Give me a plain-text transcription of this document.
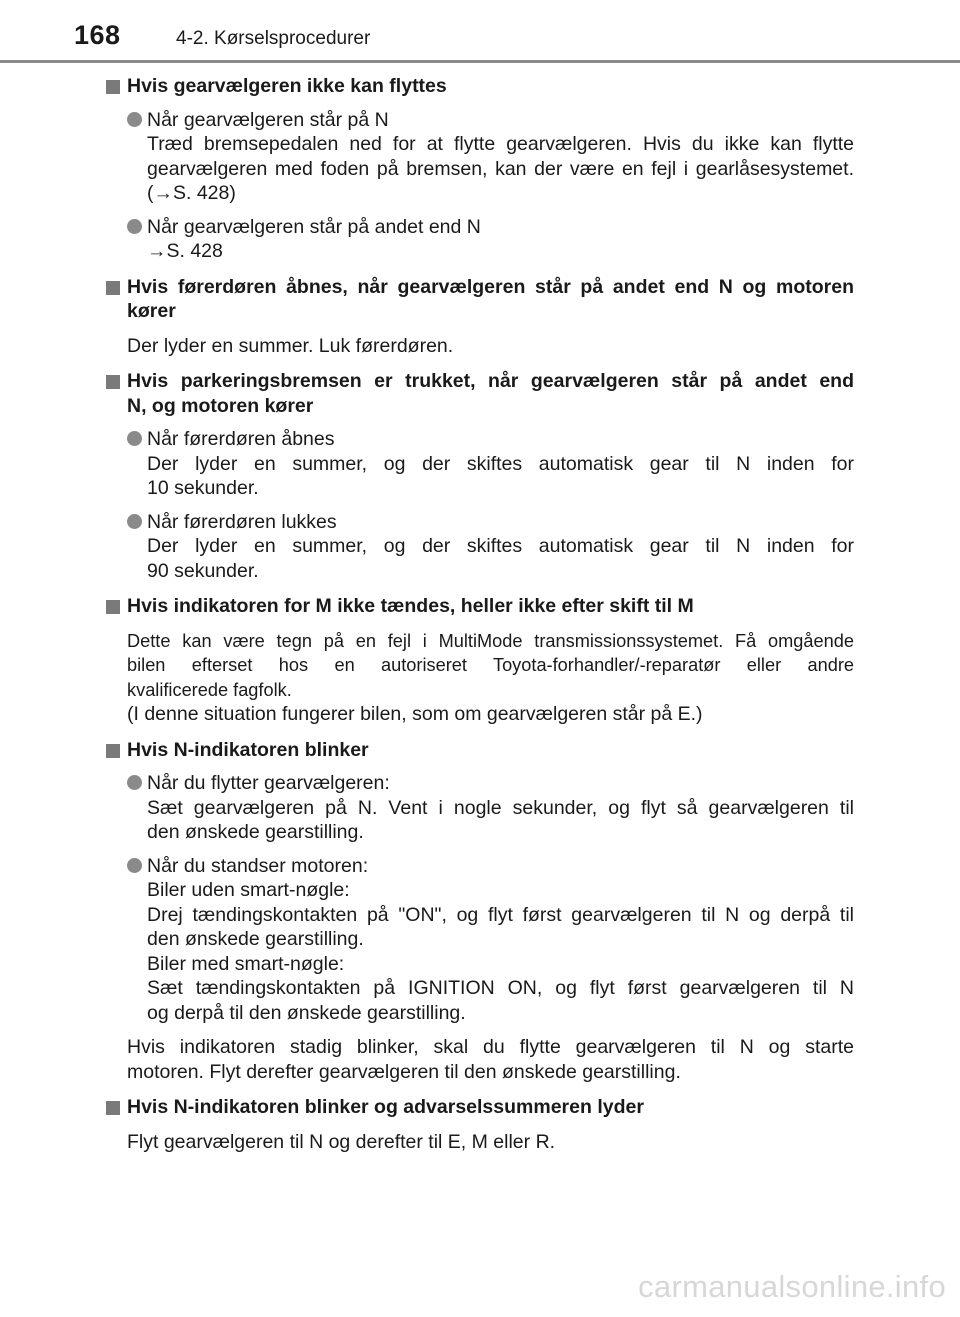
168	4-2. Kørselsprocedurer
Hvis gearvælgeren ikke kan flyttes
Når gearvælgeren står på N
Træd bremsepedalen ned for at flytte gearvælgeren. Hvis du ikke kan flytte
gearvælgeren med foden på bremsen, kan der være en fejl i gearlåsesystemet.
(→S. 428)
Når gearvælgeren står på andet end N
→S. 428
Hvis førerdøren åbnes, når gearvælgeren står på andet end N og motoren
kører
Der lyder en summer. Luk førerdøren.
Hvis parkeringsbremsen er trukket, når gearvælgeren står på andet end
N, og motoren kører
Når førerdøren åbnes
Der lyder en summer, og der skiftes automatisk gear til N inden for
10 sekunder.
Når førerdøren lukkes
Der lyder en summer, og der skiftes automatisk gear til N inden for
90 sekunder.
Hvis indikatoren for M ikke tændes, heller ikke efter skift til M
Dette kan være tegn på en fejl i MultiMode transmissionssystemet. Få omgående
bilen efterset hos en autoriseret Toyota-forhandler/-reparatør eller andre
kvalificerede fagfolk.
(I denne situation fungerer bilen, som om gearvælgeren står på E.)
Hvis N-indikatoren blinker
Når du flytter gearvælgeren:
Sæt gearvælgeren på N. Vent i nogle sekunder, og flyt så gearvælgeren til
den ønskede gearstilling.
Når du standser motoren:
Biler uden smart-nøgle:
Drej tændingskontakten på "ON", og flyt først gearvælgeren til N og derpå til
den ønskede gearstilling.
Biler med smart-nøgle:
Sæt tændingskontakten på IGNITION ON, og flyt først gearvælgeren til N
og derpå til den ønskede gearstilling.
Hvis indikatoren stadig blinker, skal du flytte gearvælgeren til N og starte
motoren. Flyt derefter gearvælgeren til den ønskede gearstilling.
Hvis N-indikatoren blinker og advarselssummeren lyder
Flyt gearvælgeren til N og derefter til E, M eller R.
carmanualsonline.info
